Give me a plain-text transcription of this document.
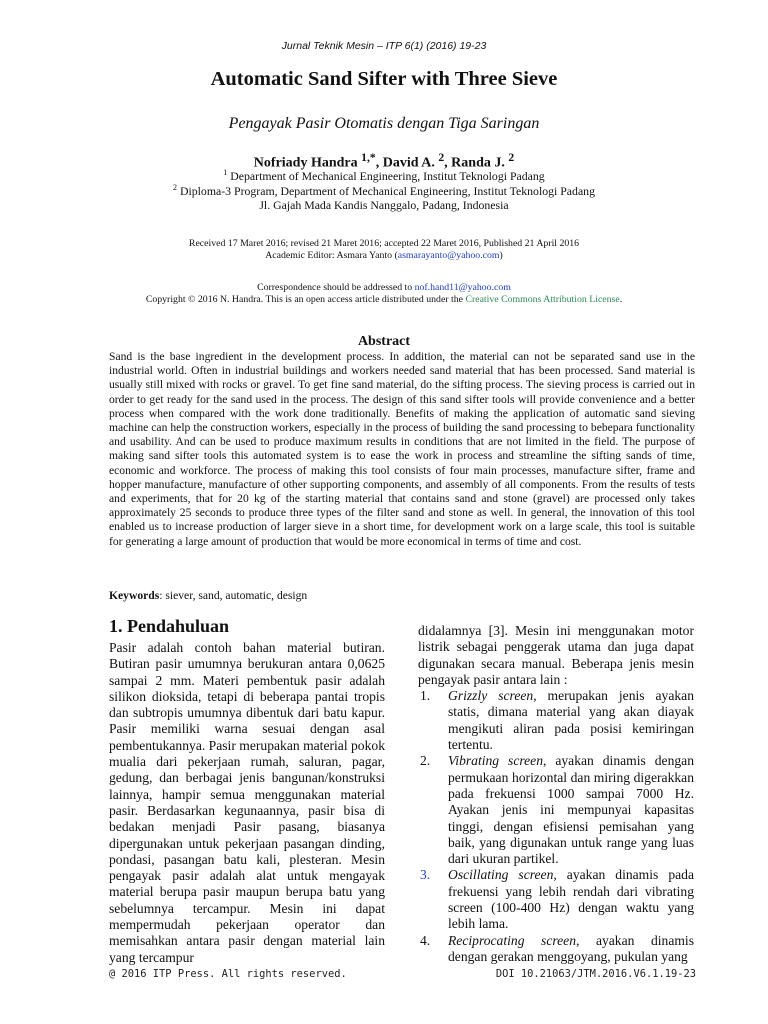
Jurnal Teknik Mesin – ITP 6(1) (2016) 19-23
Automatic Sand Sifter with Three Sieve
Pengayak Pasir Otomatis dengan Tiga Saringan
Nofriady Handra $^{1,*}$, David A. $^2$, Randa J. $^2$
$^1$ Department of Mechanical Engineering, Institut Teknologi Padang
$^2$ Diploma-3 Program, Department of Mechanical Engineering, Institut Teknologi Padang
Jl. Gajah Mada Kandis Nanggalo, Padang, Indonesia
Received 17 Maret 2016; revised 21 Maret 2016; accepted 22 Maret 2016, Published 21 April 2016
Academic Editor: Asmara Yanto (asmarayanto@yahoo.com)
Correspondence should be addressed to nof.hand11@yahoo.com
Copyright © 2016 N. Handra. This is an open access article distributed under the Creative Commons Attribution License.
Abstract
Sand is the base ingredient in the development process. In addition, the material can not be separated sand use in the industrial world. Often in industrial buildings and workers needed sand material that has been processed. Sand material is usually still mixed with rocks or gravel. To get fine sand material, do the sifting process. The sieving process is carried out in order to get ready for the sand used in the process. The design of this sand sifter tools will provide convenience and a better process when compared with the work done traditionally. Benefits of making the application of automatic sand sieving machine can help the construction workers, especially in the process of building the sand processing to bebepara functionality and usability. And can be used to produce maximum results in conditions that are not limited in the field. The purpose of making sand sifter tools this automated system is to ease the work in process and streamline the sifting sands of time, economic and workforce. The process of making this tool consists of four main processes, manufacture sifter, frame and hopper manufacture, manufacture of other supporting components, and assembly of all components. From the results of tests and experiments, that for 20 kg of the starting material that contains sand and stone (gravel) are processed only takes approximately 25 seconds to produce three types of the filter sand and stone as well. In general, the innovation of this tool enabled us to increase production of larger sieve in a short time, for development work on a large scale, this tool is suitable for generating a large amount of production that would be more economical in terms of time and cost.
Keywords: siever, sand, automatic, design
1. Pendahuluan

Pasir adalah contoh bahan material butiran. Butiran pasir umumnya berukuran antara 0,0625 sampai 2 mm. Materi pembentuk pasir adalah silikon dioksida, tetapi di beberapa pantai tropis dan subtropis umumnya dibentuk dari batu kapur. Pasir memiliki warna sesuai dengan asal pembentukannya. Pasir merupakan material pokok mualia dari pekerjaan rumah, saluran, pagar, gedung, dan berbagai jenis bangunan/konstruksi lainnya, hampir semua menggunakan material pasir. Berdasarkan kegunaannya, pasir bisa di bedakan menjadi Pasir pasang, biasanya dipergunakan untuk pekerjaan pasangan dinding, pondasi, pasangan batu kali, plesteran. Mesin pengayak pasir adalah alat untuk mengayak material berupa pasir maupun berupa batu yang sebelumnya tercampur. Mesin ini dapat mempermudah pekerjaan operator dan memisahkan antara pasir dengan material lain yang tercampur

didalamnya [3]. Mesin ini menggunakan motor listrik sebagai penggerak utama dan juga dapat digunakan secara manual. Beberapa jenis mesin pengayak pasir antara lain :

1. Grizzly screen, merupakan jenis ayakan statis, dimana material yang akan diayak mengikuti aliran pada posisi kemiringan tertentu.
2. Vibrating screen, ayakan dinamis dengan permukaan horizontal dan miring digerakkan pada frekuensi 1000 sampai 7000 Hz. Ayakan jenis ini mempunyai kapasitas tinggi, dengan efisiensi pemisahan yang baik, yang digunakan untuk range yang luas dari ukuran partikel.
3. Oscillating screen, ayakan dinamis pada frekuensi yang lebih rendah dari vibrating screen (100-400 Hz) dengan waktu yang lebih lama.
4. Reciprocating screen, ayakan dinamis dengan gerakan menggoyang, pukulan yang
@ 2016 ITP Press. All rights reserved.	DOI 10.21063/JTM.2016.V6.1.19-23
